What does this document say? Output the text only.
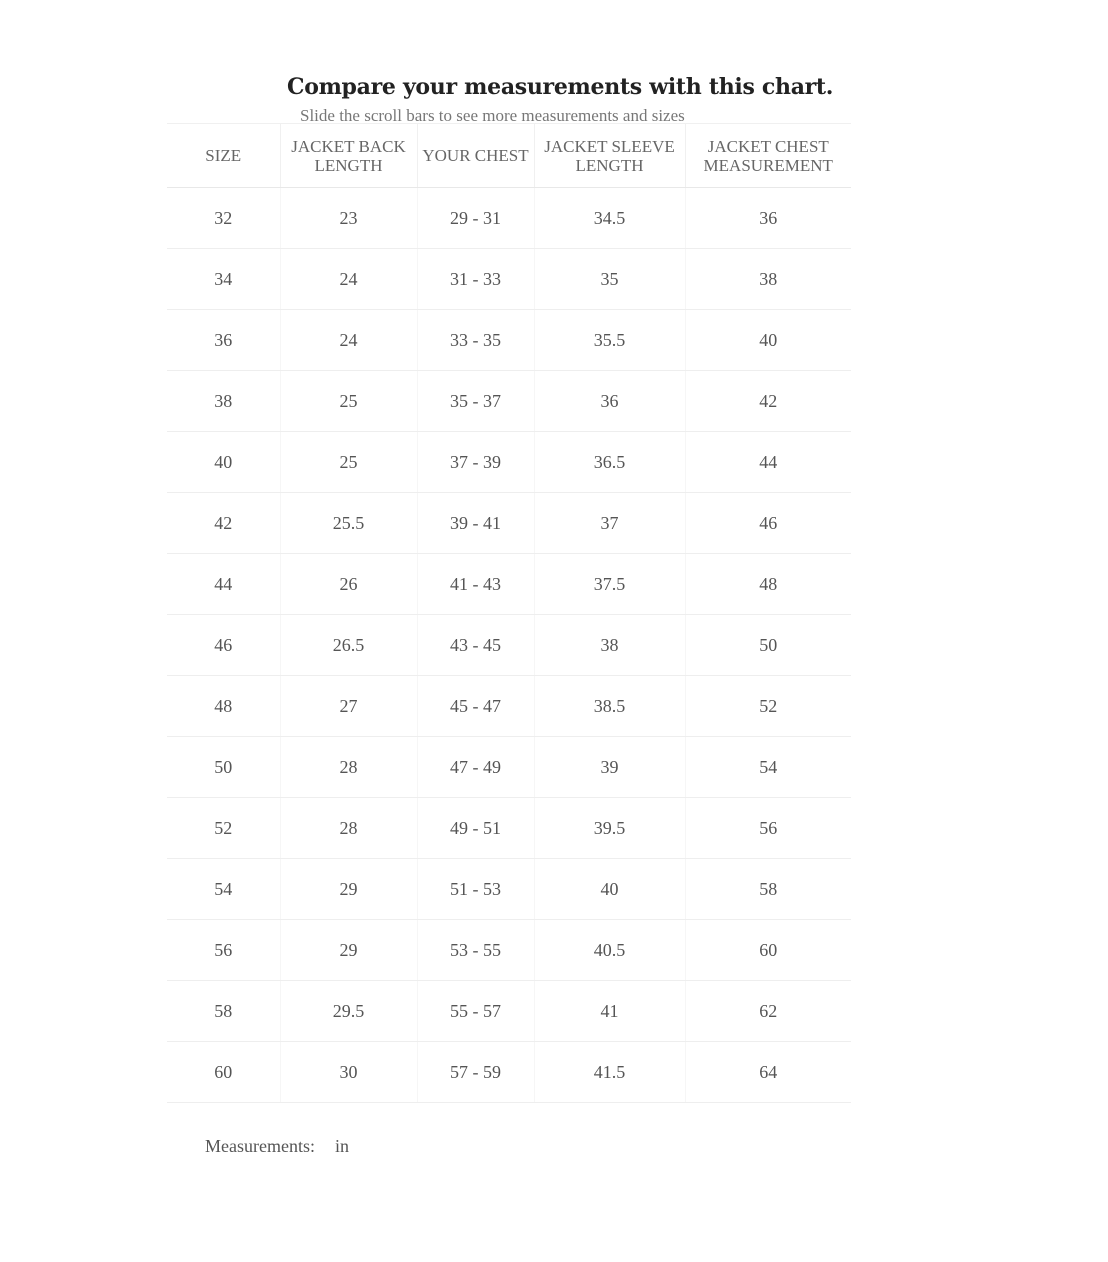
Compare your measurements with this chart.
Slide the scroll bars to see more measurements and sizes
SIZE	JACKET BACK LENGTH	YOUR CHEST	JACKET SLEEVE LENGTH	JACKET CHEST MEASUREMENT
32	23	29 - 31	34.5	36
34	24	31 - 33	35	38
36	24	33 - 35	35.5	40
38	25	35 - 37	36	42
40	25	37 - 39	36.5	44
42	25.5	39 - 41	37	46
44	26	41 - 43	37.5	48
46	26.5	43 - 45	38	50
48	27	45 - 47	38.5	52
50	28	47 - 49	39	54
52	28	49 - 51	39.5	56
54	29	51 - 53	40	58
56	29	53 - 55	40.5	60
58	29.5	55 - 57	41	62
60	30	57 - 59	41.5	64
Measurements: in
